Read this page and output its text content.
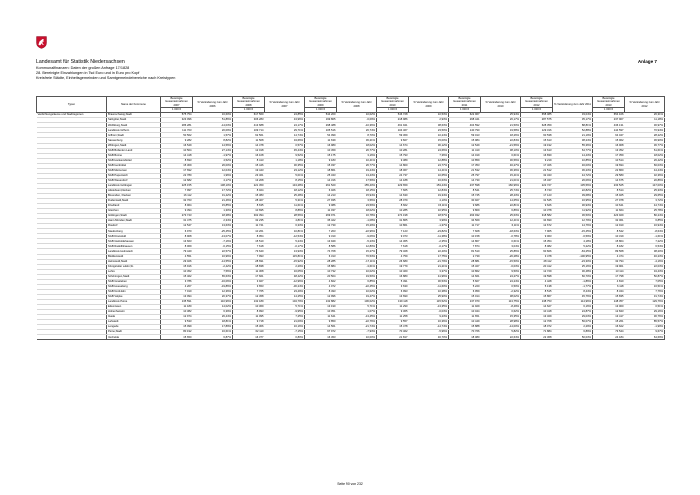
Anlage 7
Landesamt für Statistik Niedersachsen
Kommunalfinanzen: Daten der großen Anfrage 17/1828
28. Bereinigte Einzahlungen in Tsd Euro und in Euro pro Kopf
Kreisfreie Städte, Einheitsgemeinden und Samtgemeindebereiche nach Kreistypen
Typen	Name der Kommune	Bereinigte Gesamteinnahmen 2007	% Veränderung zum Jahr 2006	Bereinigte Gesamteinnahmen 2008	% Veränderung zum Jahr 2007	Bereinigte Gesamteinnahmen 2009	% Veränderung zum Jahr 2008	Bereinigte Gesamteinnahmen 2010	% Veränderung zum Jahr 2009	Bereinigte Gesamteinnahmen 2011	% Veränderung zum Jahr 2010	Bereinigte Gesamteinnahmen 2012	% Veränderung zum Jahr 2011	Bereinigte Gesamteinnahmen 2013	% Veränderung zum Jahr 2012
		1 000 €		1 000 €		1 000 €		1 000 €		1 000 €		1 000 €		1 000 €	
Verdichtungsräume und Stadtregionen	Braunschweig,Stadt	575 754	16,60%	617 560	24,85%	544 200	10,02%	546 728	10,53%	622 967	25,94%	658 085	33,04%	654 106	26,31%
	Salzgitter,Stadt	323 096	51,86%	306 283	43,96%	199 805	-6,09%	218 986	2,93%	268 441	26,17%	287 575	35,17%	237 907	11,18%
	Wolfsburg,Stadt	286 281	-14,03%	413 688	24,17%	298 488	-10,36%	461 941	38,63%	404 592	21,50%	628 359	88,81%	436 131	30,97%
	Landkreis Gifhorn	111 703	20,09%	109 714	29,71%	105 516	26,74%	104 467	23,50%	140 790	19,58%	129 316	52,88%	144 597	70,94%
	Gifhorn,Stadt	50 562	1,57%	62 561	14,74%	54 099	8,70%	59 369	10,24%	59 013	18,26%	60 538	21,19%	64 047	28,22%
	Sassenburg	9 282	8,82%	11 508	34,66%	11 639	36,21%	9 827	15,00%	15 984	22,84%	15 613	38,24%	15 962	36,90%
	Wittingen,Stadt	16 549	14,56%	14 478	0,57%	16 980	18,02%	14 674	30,12%	12 549	-21,56%	19 192	55,36%	16 908	36,77%
	SGB Bollenlen Land	10 504	27,14%	12 018	45,44%	10 459	26,77%	10 281	24,66%	11 410	38,10%	13 613	64,77%	13 352	61,61%
	SGB Boime	14 418	-1,97%	16 108	9,52%	15 175	3,16%	15 793	7,36%	14 019	0,61%	16 830	14,43%	17 359	18,02%
	SGB Hankensbüttel	8 693	4,52%	8 413	1,18%	9 183	10,41%	9 389	12,88%	10 859	30,56%	9 219	10,85%	10 514	26,42%
	SGB Isenbüttel	15 309	26,00%	15 446	30,35%	15 037	26,77%	14 800	24,77%	17 353	46,27%	17 326	46,00%	19 694	66,03%
	SGB Meinersen	17 692	12,04%	19 443	23,12%	18 861	19,44%	18 067	14,41%	21 532	36,36%	21 512	36,23%	22 860	44,44%
	SGB Papenteich	22 780	1,96%	23 461	5,01%	25 343	13,43%	24 737	10,65%	25 797	15,41%	32 343	44,72%	29 580	32,36%
	SGB Wesendorf	12 682	4,17%	13 208	8,15%	14 316	17,59%	14 188	16,63%	14 730	21,01%	15 347	26,06%	14 675	20,86%
	Landkreis Göttingen	225 155	138,10%	221 450	143,28%	261 520	155,40%	229 659	153,44%	237 598	160,96%	222 727	135,56%	233 525	147,00%
	Adelebsen,Flecken	7 997	17,72%	8 024	18,12%	6 026	18,15%	7 665	12,84%	8 541	25,74%	8 743	22,82%	8 514	25,33%
	Bovenden, Flecken	16 112	31,42%	15 383	25,48%	14 213	15,94%	14 630	19,34%	15 745	28,43%	17 123	39,68%	15 925	29,65%
	Duderstadt,Stadt	32 763	21,46%	28 407	5,31%	27 935	3,56%	28 079	4,10%	30 927	14,65%	31 545	16,95%	27 978	3,72%
	Friedland	8 964	15,85%	8 635	11,61%	9 086	23,59%	8 662	15,11%	9 686	22,81%	9 626	30,93%	10 641	44,74%
	Gleichen	9 394	1,30%	10 695	8,86%	11 037	18,02%	10 285	10,95%	9 809	6,86%	10 378	11,92%	11 664	25,78%
	Göttingen,Stadt	273 743	18,38%	302 394	28,56%	269 971	16,78%	274 198	18,57%	293 932	25,63%	318 582	36,50%	423 929	80,24%
	Hann.Münden,Stadt	31 475	2,34%	32 235	4,81%	35 422	-1,08%	31 865	3,99%	34 569	12,41%	34 690	12,79%	32 061	6,85%
	Rosdorf	12 547	13,63%	11 741	6,33%	12 730	15,29%	10 861	-1,37%	11 717	6,11%	12 672	14,76%	12 910	16,94%
	Staufenberg	6 970	-25,45%	10 261	10,81%	7 203	-22,96%	7 123	-23,82%	7 608	-18,63%	7 905	-15,45%	8 542	-8,64%
	SGB Dransfeld	8 908	-13,07%	8 954	-12,54%	9 310	-9,06%	9 073	-11,38%	10 158	-0,78%	9 063	-6,59%	10 319	-1,61%
	SGB Gieboldehausen	13 663	-7,16%	15 510	5,24%	13 949	-5,23%	14 365	-2,35%	14 807	0,61%	15 354	4,18%	15 804	7,22%
	SGB Radolfshausen	8 069	-6,15%	7 618	-0,17%	8 586	12,80%	7 618	-0,17%	7 874	3,04%	8 082	5,22%	8 182	6,54%
	Landkreis Helmstedt	79 440	22,57%	73 640	13,93%	74 708	15,27%	79 328	22,40%	81 510	25,86%	60 826	-63,25%	89 568	38,20%
	Büddenstedt	4 551	16,96%	7 993	115,81%	6 313	70,53%	4 759	17,75%	2 739	-26,28%	3 478	-100,95%	4 474	46,23%
	Helmstedt,Stadt	29 026	-14,55%	28 691	-15,92%	28 285	-17,11%	26 680	-21,79%	28 881	-15,50%	28 112	-23,30%	32 794	-4,16%
	Königslutter a.Elm,St.	15 916	-2,42%	18 838	2,29%	15 884	-3,61%	19 779	21,21%	15 327	-6,03%	20 412	25,16%	19 901	22,03%
	Lehre	10 452	7,56%	11 308	16,05%	10 732	10,02%	10 460	3,37%	10 862	9,50%	12 729	30,48%	13 114	34,43%
	Schöningen,Stadt	15 462	65,63%	17 661	48,42%	20 504	19,50%	16 880	41,96%	14 661	24,27%	19 598	66,70%	17 798	50,87%
	SGB Grasleben	3 786	-16,06%	3 927	-12,96%	4 822	6,85%	5 491	30,53%	5 607	24,24%	4 428	-1,86%	4 810	7,05%
	SGB Heeseberg	4 207	-19,86%	3 653	-30,24%	4 072	-22,45%	3 630	-11,60%	5 220	0,50%	5 138	-1,77%	6 118	16,51%
	SGB Nord-Elm	7 010	12,36%	7 765	23,49%	8 493	10,02%	6 993	10,38%	6 959	-2,32%	8 515	8,44%	8 344	7,76%
	SGB Velpke	13 094	20,37%	12 458	14,25%	12 996	19,47%	13 690	25,90%	15 014	38,02%	15 867	45,76%	15 835	31,74%
	Landkreis Peine	135 591	110,96%	132 189	104,79%	132 882	106,02%	139 118	115,52%	137 970	113,75%	138 753	114,96%	148 357	129,76%
	Edemissen	11 180	14,02%	10 369	5,71%	13 190	5,71%	11 290	-13,35%	11 929	-8,49%	14 627	6,16%	13 000	0,51%
	Hohenhameln	10 382	6,39%	8 993	-9,95%	10 051	1,07%	9 365	-6,03%	10 044	0,62%	10 418	24,87%	12 843	29,16%
	Ilsede	12 974	26,44%	11 095	7,25%	11 641	-13,45%	11 258	9,23%	11 651	15,35%	13 329	29,03%	13 417	30,76%
	Lahstedt	9 533	18,81%	9 718	21,09%	9 850	-22,76%	9 557	16,36%	10 449	28,98%	12 708	56,07%	15 261	85,57%
	Lengede	15 099	17,89%	15 306	16,16%	14 561	-21,74%	15 478	-14,74%	15 888	-14,00%	18 072	2,29%	16 622	-1,99%
	Peine,Stadt	80 192	16,61%	62 110	-7,15%	67 972	-7,93%	70 462	-5,96%	70 766	5,82%	71 884	6,89%	73 544	9,67%
	Vechelde	15 650	6,87%	16 377	0,80%	16 453	10,00%	21 817	46,70%	18 080	22,64%	22 368	50,03%	24 184	64,69%
Seite 90 von 232
